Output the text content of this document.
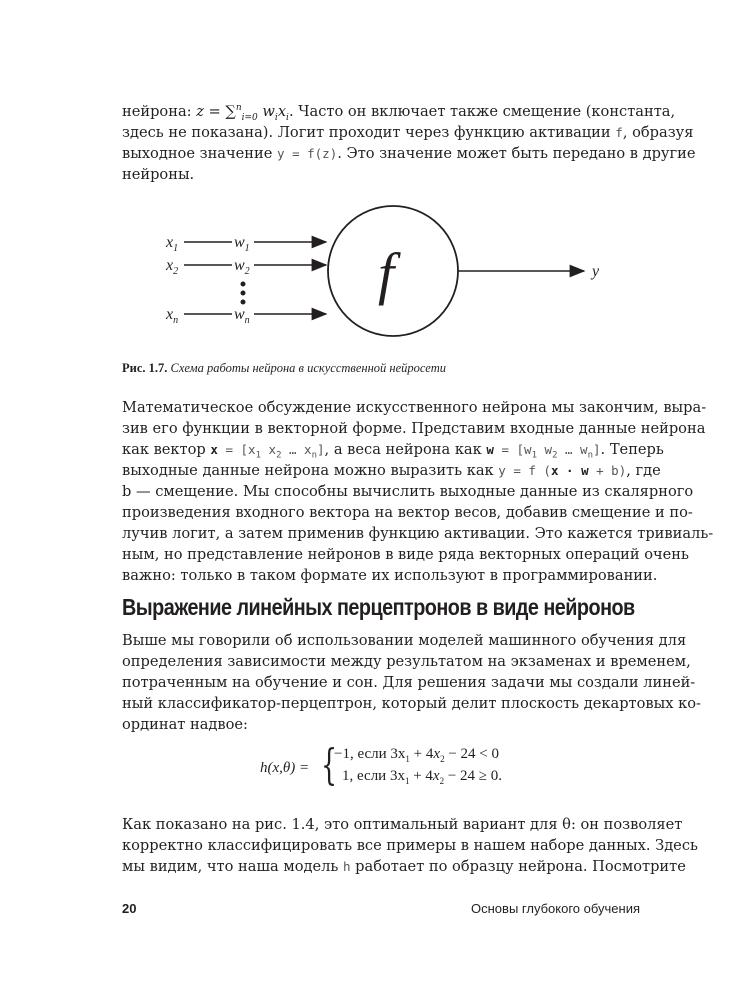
нейрона: z = ∑$^n_{i=0}$ $w_ix_i$. Часто он включает также смещение (константа,
здесь не показана). Логит проходит через функцию активации f, образуя
выходное значение y = f(z). Это значение может быть передано в другие
нейроны.
$x_1$
$x_2$
$x_n$
$w_1$
$w_2$
$w_n$
y
f
Рис. 1.7. Схема работы нейрона в искусственной нейросети
Математическое обсуждение искусственного нейрона мы закончим, выра-
зив его функции в векторной форме. Представим входные данные нейрона
как вектор $x = [x_1$ $x_2$ … $x_n$], а веса нейрона как $w = [w_1$ $w_2$ … $w_n$]. Теперь
выходные данные нейрона можно выразить как y = f (x · w + b), где
b — смещение. Мы способны вычислить выходные данные из скалярного
произведения входного вектора на вектор весов, добавив смещение и по-
лучив логит, а затем применив функцию активации. Это кажется тривиаль-
ным, но представление нейронов в виде ряда векторных операций очень
важно: только в таком формате их используют в программировании.
Выражение линейных перцептронов в виде нейронов
Выше мы говорили об использовании моделей машинного обучения для
определения зависимости между результатом на экзаменах и временем,
потраченным на обучение и сон. Для решения задачи мы создали линей-
ный классификатор-перцептрон, который делит плоскость декартовых ко-
ординат надвое:
h(x,θ) = {
−1, если $3x_1 + 4x_2 - 24 < 0$
1, если $3x_1 + 4x_2 - 24 \ge 0$.
Как показано на рис. 1.4, это оптимальный вариант для θ: он позволяет
корректно классифицировать все примеры в нашем наборе данных. Здесь
мы видим, что наша модель h работает по образцу нейрона. Посмотрите
20	Основы глубокого обучения
